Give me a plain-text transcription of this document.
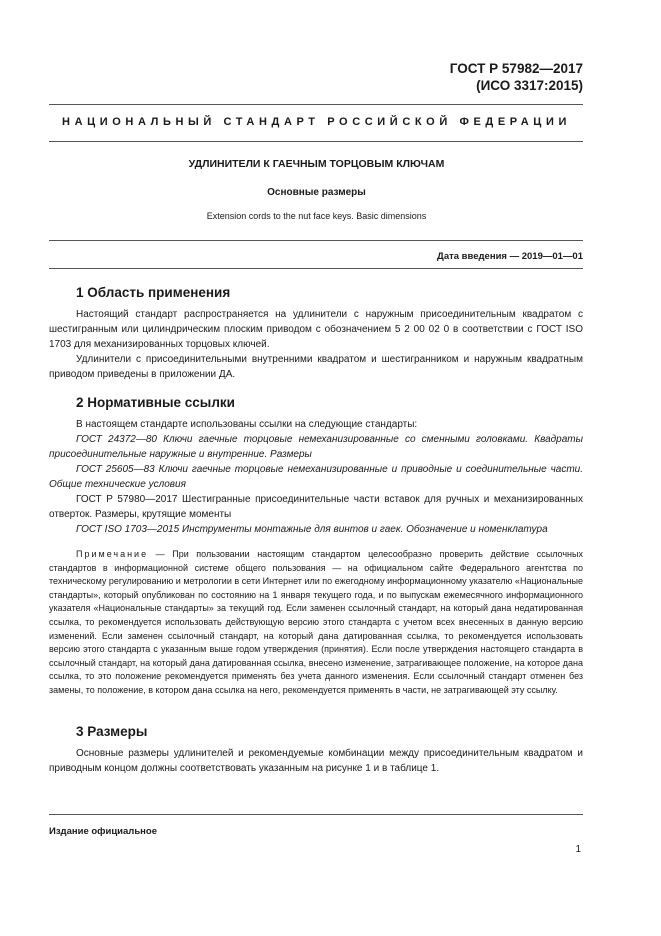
ГОСТ Р 57982—2017
(ИСО 3317:2015)
НАЦИОНАЛЬНЫЙ СТАНДАРТ РОССИЙСКОЙ ФЕДЕРАЦИИ
УДЛИНИТЕЛИ К ГАЕЧНЫМ ТОРЦОВЫМ КЛЮЧАМ
Основные размеры
Extension cords to the nut face keys. Basic dimensions
Дата введения — 2019—01—01
1 Область применения

Настоящий стандарт распространяется на удлинители с наружным присоединительным квадратом с шестигранным или цилиндрическим плоским приводом с обозначением 5 2 00 02 0 в соответствии с ГОСТ ISO 1703 для механизированных торцовых ключей.

Удлинители с присоединительными внутренними квадратом и шестигранником и наружным квадратным приводом приведены в приложении ДА.

2 Нормативные ссылки

В настоящем стандарте использованы ссылки на следующие стандарты:

ГОСТ 24372—80 Ключи гаечные торцовые немеханизированные со сменными головками. Квадраты присоединительные наружные и внутренние. Размеры

ГОСТ 25605—83 Ключи гаечные торцовые немеханизированные и приводные и соединительные части. Общие технические условия

ГОСТ Р 57980—2017 Шестигранные присоединительные части вставок для ручных и механизированных отверток. Размеры, крутящие моменты

ГОСТ ISO 1703—2015 Инструменты монтажные для винтов и гаек. Обозначение и номенклатура

Примечание — При пользовании настоящим стандартом целесообразно проверить действие ссылочных стандартов в информационной системе общего пользования — на официальном сайте Федерального агентства по техническому регулированию и метрологии в сети Интернет или по ежегодному информационному указателю «Национальные стандарты», который опубликован по состоянию на 1 января текущего года, и по выпускам ежемесячного информационного указателя «Национальные стандарты» за текущий год. Если заменен ссылочный стандарт, на который дана недатированная ссылка, то рекомендуется использовать действующую версию этого стандарта с учетом всех внесенных в данную версию изменений. Если заменен ссылочный стандарт, на который дана датированная ссылка, то рекомендуется использовать версию этого стандарта с указанным выше годом утверждения (принятия). Если после утверждения настоящего стандарта в ссылочный стандарт, на который дана датированная ссылка, внесено изменение, затрагивающее положение, на которое дана ссылка, то это положение рекомендуется применять без учета данного изменения. Если ссылочный стандарт отменен без замены, то положение, в котором дана ссылка на него, рекомендуется применять в части, не затрагивающей эту ссылку.

3 Размеры

Основные размеры удлинителей и рекомендуемые комбинации между присоединительным квадратом и приводным концом должны соответствовать указанным на рисунке 1 и в таблице 1.

Издание официальное
1
